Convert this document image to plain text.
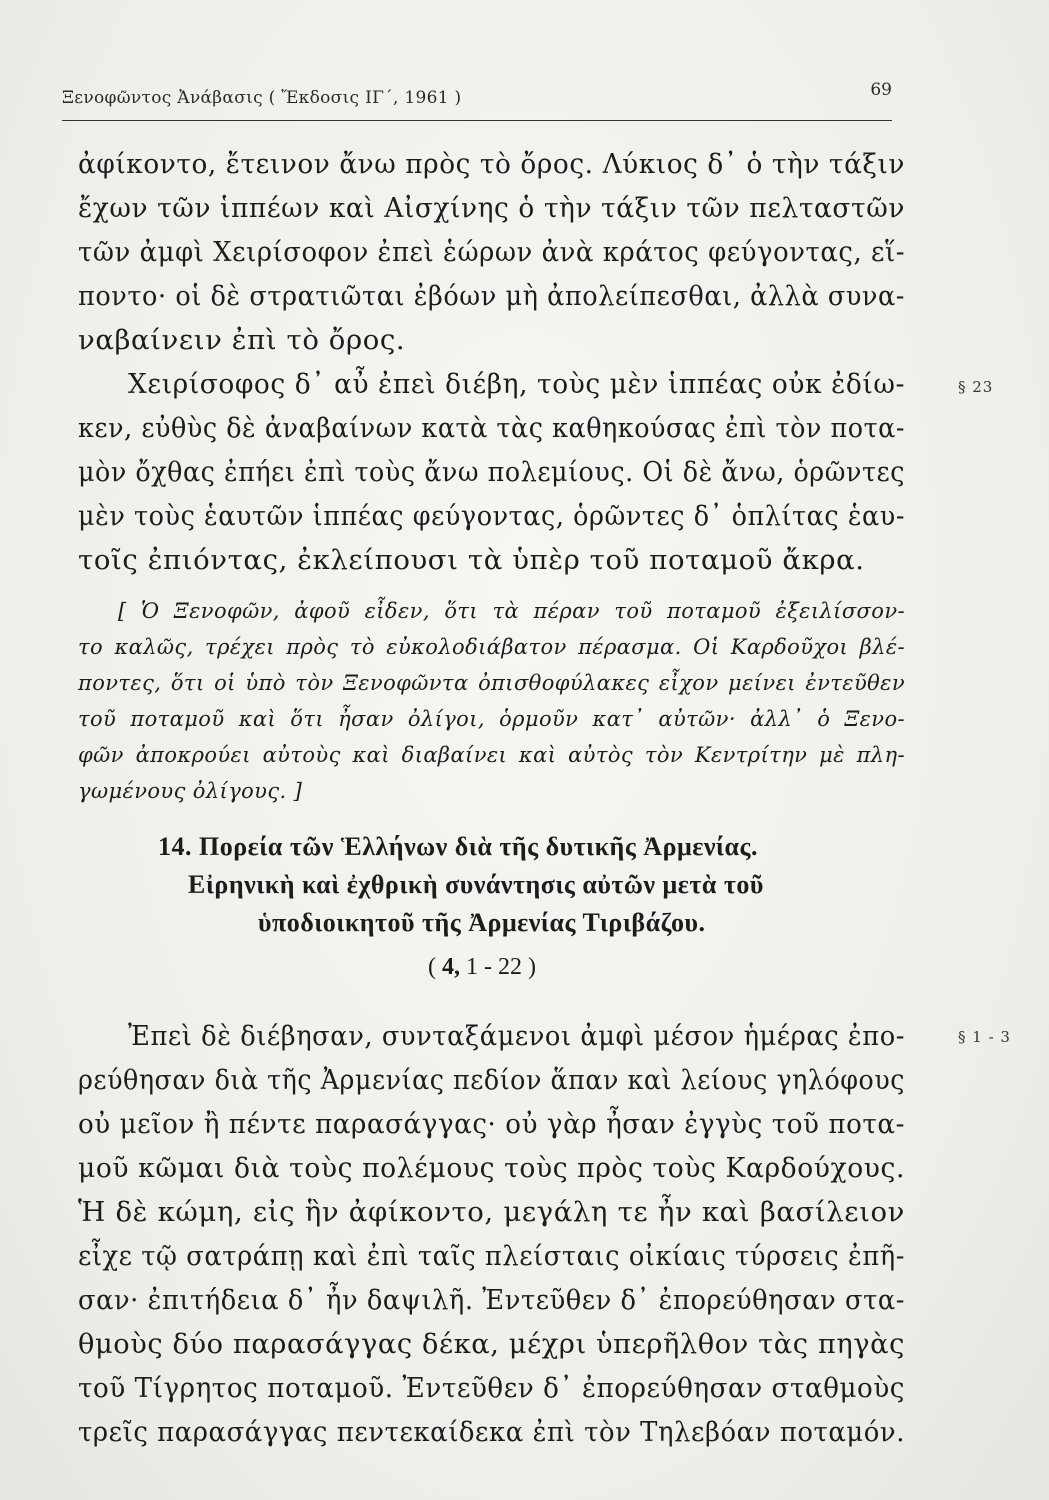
Ξενοφῶντος Ἀνάβασις ( Ἔκδοσις ΙΓ΄, 1961 )	69
ἀφίκοντο, ἔτεινον ἄνω πρὸς τὸ ὄρος. Λύκιος δ᾽ ὁ τὴν τάξιν
ἔχων τῶν ἱππέων καὶ Αἰσχίνης ὁ τὴν τάξιν τῶν πελταστῶν
τῶν ἀμφὶ Χειρίσοφον ἐπεὶ ἑώρων ἀνὰ κράτος φεύγοντας, εἵ-
ποντο· οἱ δὲ στρατιῶται ἐβόων μὴ ἀπολείπεσθαι, ἀλλὰ συνα-
ναβαίνειν ἐπὶ τὸ ὄρος.
Χειρίσοφος δ᾽ αὖ ἐπεὶ διέβη, τοὺς μὲν ἱππέας οὐκ ἐδίω-
κεν, εὐθὺς δὲ ἀναβαίνων κατὰ τὰς καθηκούσας ἐπὶ τὸν ποτα-
μὸν ὄχθας ἐπήει ἐπὶ τοὺς ἄνω πολεμίους. Οἱ δὲ ἄνω, ὁρῶντες
μὲν τοὺς ἑαυτῶν ἱππέας φεύγοντας, ὁρῶντες δ᾽ ὁπλίτας ἑαυ-
τοῖς ἐπιόντας, ἐκλείπουσι τὰ ὑπὲρ τοῦ ποταμοῦ ἄκρα.
§ 23
[ Ὁ Ξενοφῶν, ἀφοῦ εἶδεν, ὅτι τὰ πέραν τοῦ ποταμοῦ ἐξειλίσσον-
το καλῶς, τρέχει πρὸς τὸ εὐκολοδιάβατον πέρασμα. Οἱ Καρδοῦχοι βλέ-
ποντες, ὅτι οἱ ὑπὸ τὸν Ξενοφῶντα ὀπισθοφύλακες εἶχον μείνει ἐντεῦθεν
τοῦ ποταμοῦ καὶ ὅτι ἦσαν ὀλίγοι, ὁρμοῦν κατ᾽ αὐτῶν· ἀλλ᾽ ὁ Ξενο-
φῶν ἀποκρούει αὐτοὺς καὶ διαβαίνει καὶ αὐτὸς τὸν Κεντρίτην μὲ πλη-
γωμένους ὀλίγους. ]
14. Πορεία τῶν Ἑλλήνων διὰ τῆς δυτικῆς Ἀρμενίας.
Εἰρηνικὴ καὶ ἐχθρικὴ συνάντησις αὐτῶν μετὰ τοῦ
ὑποδιοικητοῦ τῆς Ἀρμενίας Τιριβάζου.
( 4, 1 - 22 )
Ἐπεὶ δὲ διέβησαν, συνταξάμενοι ἀμφὶ μέσον ἡμέρας ἐπο-
ρεύθησαν διὰ τῆς Ἀρμενίας πεδίον ἅπαν καὶ λείους γηλόφους
οὐ μεῖον ἢ πέντε παρασάγγας· οὐ γὰρ ἦσαν ἐγγὺς τοῦ ποτα-
μοῦ κῶμαι διὰ τοὺς πολέμους τοὺς πρὸς τοὺς Καρδούχους.
Ἡ δὲ κώμη, εἰς ἣν ἀφίκοντο, μεγάλη τε ἦν καὶ βασίλειον
εἶχε τῷ σατράπῃ καὶ ἐπὶ ταῖς πλείσταις οἰκίαις τύρσεις ἐπῆ-
σαν· ἐπιτήδεια δ᾽ ἦν δαψιλῆ. Ἐντεῦθεν δ᾽ ἐπορεύθησαν στα-
θμοὺς δύο παρασάγγας δέκα, μέχρι ὑπερῆλθον τὰς πηγὰς
τοῦ Τίγρητος ποταμοῦ. Ἐντεῦθεν δ᾽ ἐπορεύθησαν σταθμοὺς
τρεῖς παρασάγγας πεντεκαίδεκα ἐπὶ τὸν Τηλεβόαν ποταμόν.
§ 1 - 3
